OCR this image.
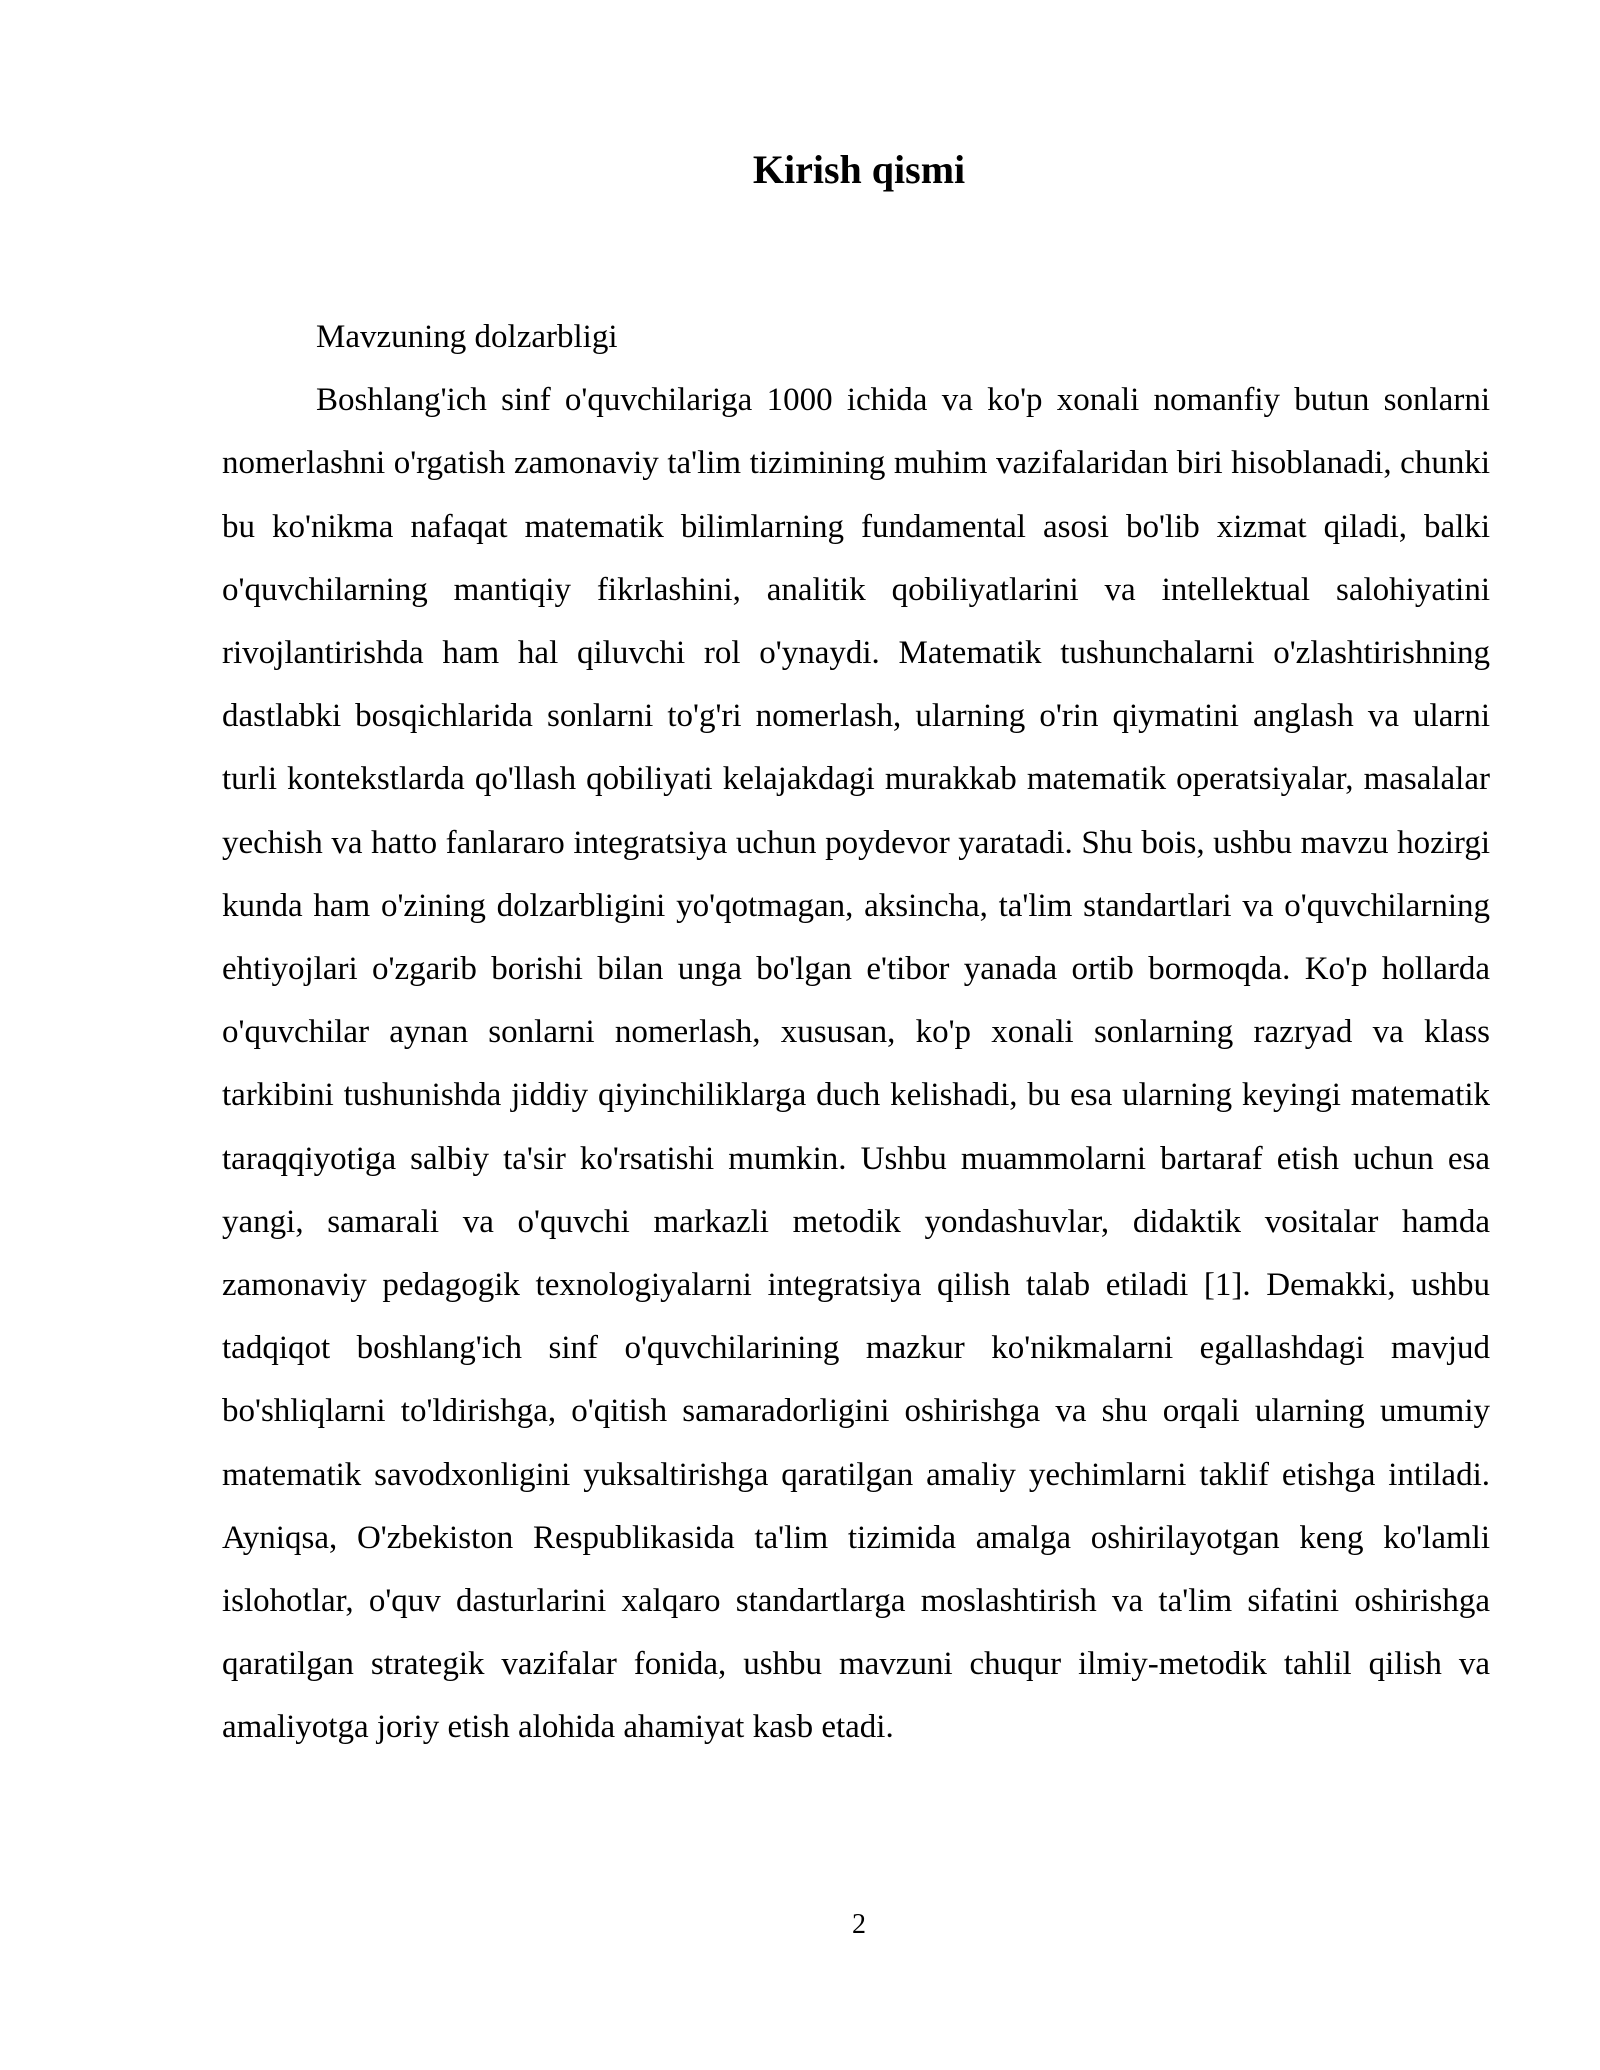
Kirish qismi

Mavzuning dolzarbligi

Boshlang'ich sinf o'quvchilariga 1000 ichida va ko'p xonali nomanfiy butun sonlarni nomerlashni o'rgatish zamonaviy ta'lim tizimining muhim vazifalaridan biri hisoblanadi, chunki bu ko'nikma nafaqat matematik bilimlarning fundamental asosi bo'lib xizmat qiladi, balki o'quvchilarning mantiqiy fikrlashini, analitik qobiliyatlarini va intellektual salohiyatini rivojlantirishda ham hal qiluvchi rol o'ynaydi. Matematik tushunchalarni o'zlashtirishning dastlabki bosqichlarida sonlarni to'g'ri nomerlash, ularning o'rin qiymatini anglash va ularni turli kontekstlarda qo'llash qobiliyati kelajakdagi murakkab matematik operatsiyalar, masalalar yechish va hatto fanlararo integratsiya uchun poydevor yaratadi. Shu bois, ushbu mavzu hozirgi kunda ham o'zining dolzarbligini yo'qotmagan, aksincha, ta'lim standartlari va o'quvchilarning ehtiyojlari o'zgarib borishi bilan unga bo'lgan e'tibor yanada ortib bormoqda. Ko'p hollarda o'quvchilar aynan sonlarni nomerlash, xususan, ko'p xonali sonlarning razryad va klass tarkibini tushunishda jiddiy qiyinchiliklarga duch kelishadi, bu esa ularning keyingi matematik taraqqiyotiga salbiy ta'sir ko'rsatishi mumkin. Ushbu muammolarni bartaraf etish uchun esa yangi, samarali va o'quvchi markazli metodik yondashuvlar, didaktik vositalar hamda zamonaviy pedagogik texnologiyalarni integratsiya qilish talab etiladi [1]. Demakki, ushbu tadqiqot boshlang'ich sinf o'quvchilarining mazkur ko'nikmalarni egallashdagi mavjud bo'shliqlarni to'ldirishga, o'qitish samaradorligini oshirishga va shu orqali ularning umumiy matematik savodxonligini yuksaltirishga qaratilgan amaliy yechimlarni taklif etishga intiladi. Ayniqsa, O'zbekiston Respublikasida ta'lim tizimida amalga oshirilayotgan keng ko'lamli islohotlar, o'quv dasturlarini xalqaro standartlarga moslashtirish va ta'lim sifatini oshirishga qaratilgan strategik vazifalar fonida, ushbu mavzuni chuqur ilmiy-metodik tahlil qilish va amaliyotga joriy etish alohida ahamiyat kasb etadi.

2
